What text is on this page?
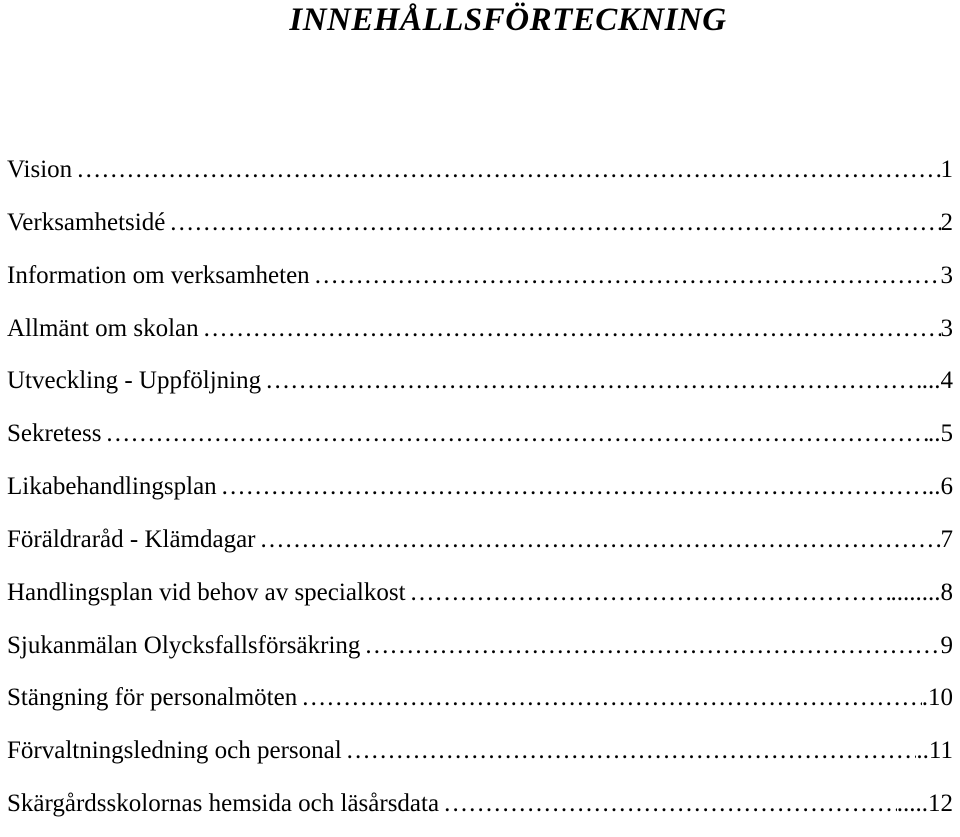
INNEHÅLLSFÖRTECKNING
Vision ………………………………………………………………………………………………………………………………………………………………………………………………………	1
Verksamhetsidé ………………………………………………………………………………………………………………………………………………………………………………………………………	2
Information om verksamheten ………………………………………………………………………………………………………………………………………………………………………………………………………	3
Allmänt om skolan ………………………………………………………………………………………………………………………………………………………………………………………………………	3
Utveckling - Uppföljning ………………………………………………………………………………………………………………………………………………………………………………………………………	...4
Sekretess ………………………………………………………………………………………………………………………………………………………………………………………………………	..5
Likabehandlingsplan ………………………………………………………………………………………………………………………………………………………………………………………………………	..6
Föräldraråd - Klämdagar ………………………………………………………………………………………………………………………………………………………………………………………………………	7
Handlingsplan vid behov av specialkost ………………………………………………………………………………………………………………………………………………………………………………………………………	........8
Sjukanmälan Olycksfallsförsäkring ………………………………………………………………………………………………………………………………………………………………………………………………………	9
Stängning för personalmöten ………………………………………………………………………………………………………………………………………………………………………………………………………	.10
Förvaltningsledning och personal ………………………………………………………………………………………………………………………………………………………………………………………………………	..11
Skärgårdsskolornas hemsida och läsårsdata ………………………………………………………………………………………………………………………………………………………………………………………………………	.....12
